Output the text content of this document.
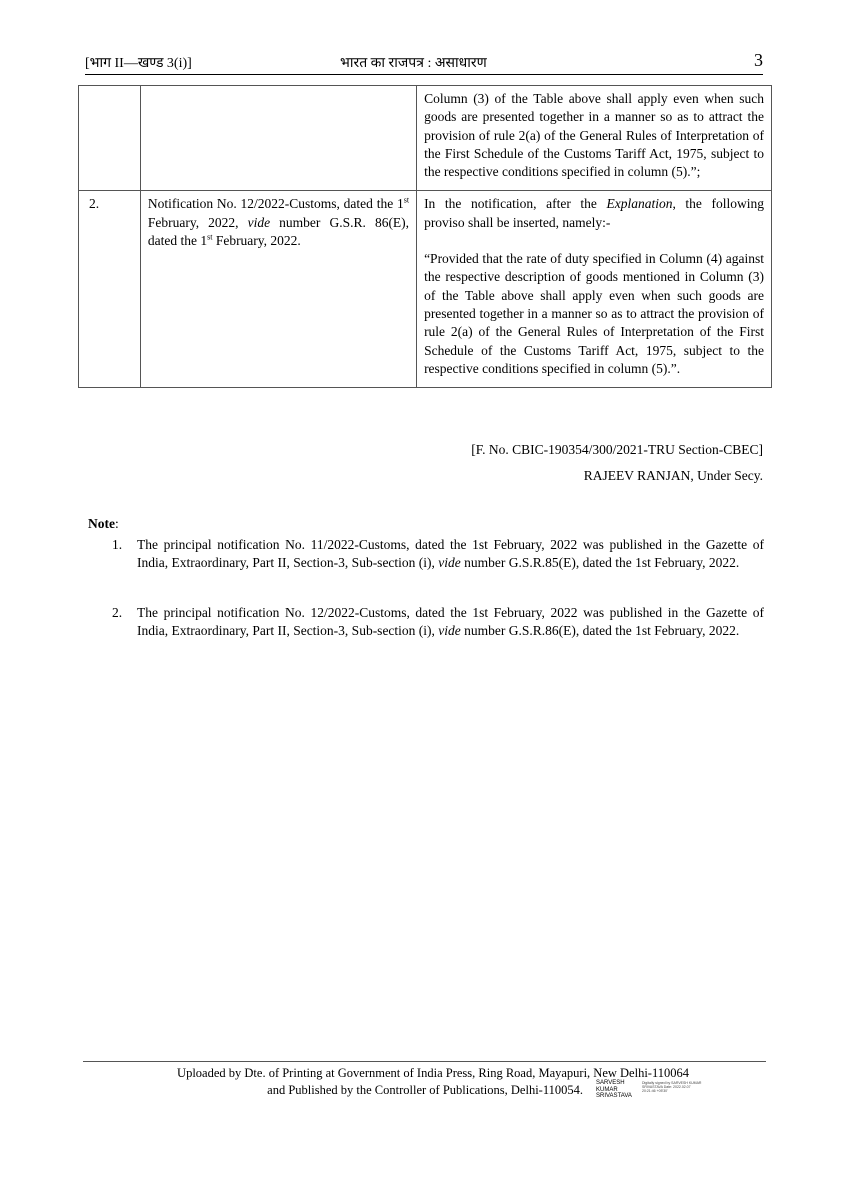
[भाग II—खण्ड 3(i)]	भारत का राजपत्र : असाधारण	3

		Column (3) of the Table above shall apply even when such goods are presented together in a manner so as to attract the provision of rule 2(a) of the General Rules of Interpretation of the First Schedule of the Customs Tariff Act, 1975, subject to the respective conditions specified in column (5).”;

2.	Notification No. 12/2022-Customs, dated the 1st February, 2022, vide number G.S.R. 86(E), dated the 1st February, 2022.	In the notification, after the Explanation, the following proviso shall be inserted, namely:-

“Provided that the rate of duty specified in Column (4) against the respective description of goods mentioned in Column (3) of the Table above shall apply even when such goods are presented together in a manner so as to attract the provision of rule 2(a) of the General Rules of Interpretation of the First Schedule of the Customs Tariff Act, 1975, subject to the respective conditions specified in column (5).”.

[F. No. CBIC-190354/300/2021-TRU Section-CBEC]
RAJEEV RANJAN, Under Secy.
Note:
1. The principal notification No. 11/2022-Customs, dated the 1st February, 2022 was published in the Gazette of India, Extraordinary, Part II, Section-3, Sub-section (i), vide number G.S.R.85(E), dated the 1st February, 2022.
2. The principal notification No. 12/2022-Customs, dated the 1st February, 2022 was published in the Gazette of India, Extraordinary, Part II, Section-3, Sub-section (i), vide number G.S.R.86(E), dated the 1st February, 2022.
Uploaded by Dte. of Printing at Government of India Press, Ring Road, Mayapuri, New Delhi-110064
and Published by the Controller of Publications, Delhi-110054.	SARVESH KUMAR SRIVASTAVA
Digitally signed by SARVESH KUMAR SRIVASTAVA Date: 2022.02.07 20:21:46 +05'30'
